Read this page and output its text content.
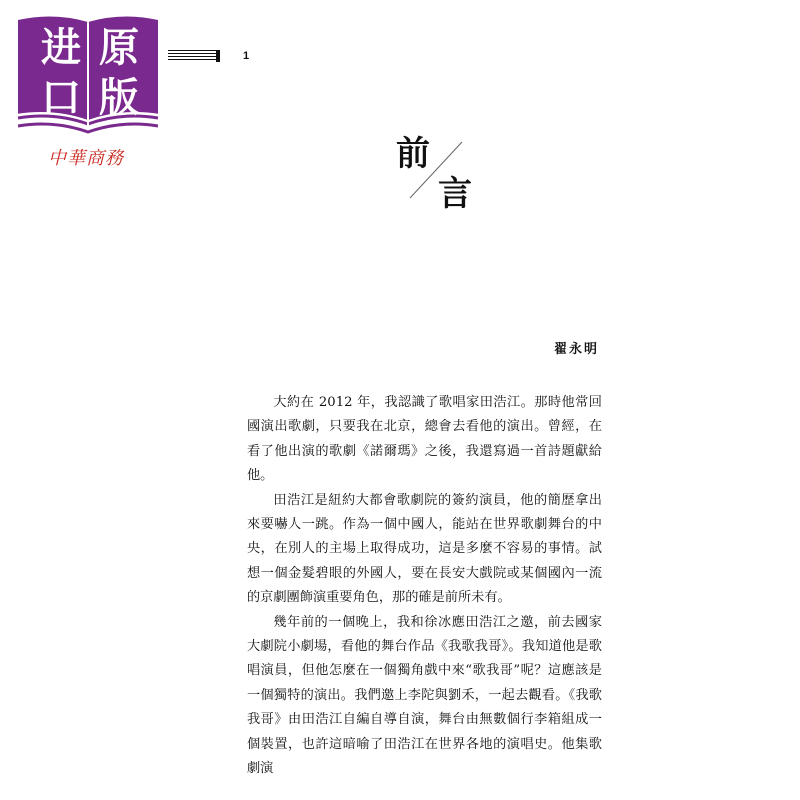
进 原
口 版
中華商務
1
前
言
翟永明

大約在 2012 年，我認識了歌唱家田浩江。那時他常回國演出歌劇，只要我在北京，總會去看他的演出。曾經，在看了他出演的歌劇《諾爾瑪》之後，我還寫過一首詩題獻給他。

田浩江是紐約大都會歌劇院的簽約演員，他的簡歷拿出來要嚇人一跳。作為一個中國人，能站在世界歌劇舞台的中央，在別人的主場上取得成功，這是多麼不容易的事情。試想一個金髮碧眼的外國人，要在長安大戲院或某個國內一流的京劇團飾演重要角色，那的確是前所未有。

幾年前的一個晚上，我和徐冰應田浩江之邀，前去國家大劇院小劇場，看他的舞台作品《我歌我哥》。我知道他是歌唱演員，但他怎麼在一個獨角戲中來“歌我哥”呢？這應該是一個獨特的演出。我們邀上李陀與劉禾，一起去觀看。《我歌我哥》由田浩江自編自導自演，舞台由無數個行李箱組成一個裝置，也許這暗喻了田浩江在世界各地的演唱史。他集歌劇演
